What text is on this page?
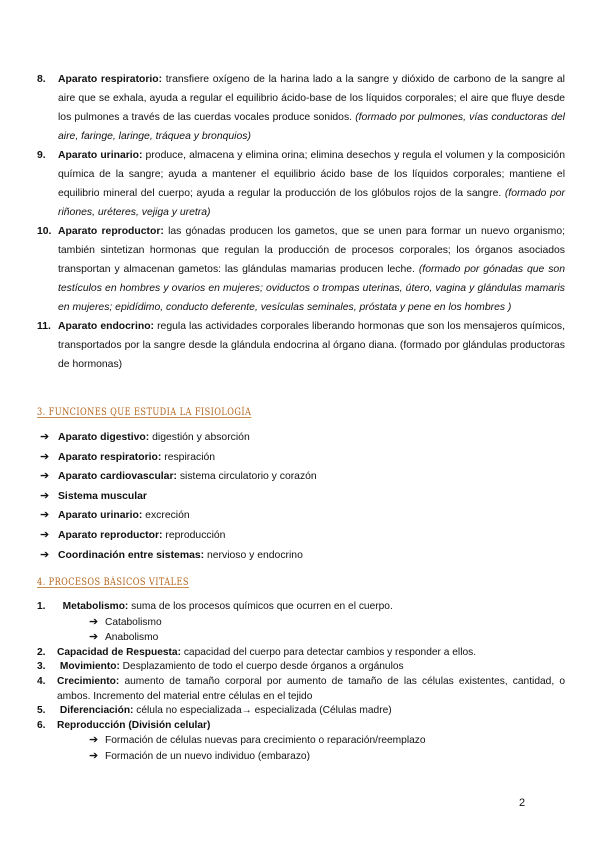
8. Aparato respiratorio: transfiere oxígeno de la harina lado a la sangre y dióxido de carbono de la sangre al aire que se exhala, ayuda a regular el equilibrio ácido-base de los líquidos corporales; el aire que fluye desde los pulmones a través de las cuerdas vocales produce sonidos. (formado por pulmones, vías conductoras del aire, faringe, laringe, tráquea y bronquios)
9. Aparato urinario: produce, almacena y elimina orina; elimina desechos y regula el volumen y la composición química de la sangre; ayuda a mantener el equilibrio ácido base de los líquidos corporales; mantiene el equilibrio mineral del cuerpo; ayuda a regular la producción de los glóbulos rojos de la sangre. (formado por riñones, uréteres, vejiga y uretra)
10. Aparato reproductor: las gónadas producen los gametos, que se unen para formar un nuevo organismo; también sintetizan hormonas que regulan la producción de procesos corporales; los órganos asociados transportan y almacenan gametos: las glándulas mamarias producen leche. (formado por gónadas que son testículos en hombres y ovarios en mujeres; oviductos o trompas uterinas, útero, vagina y glándulas mamaris en mujeres; epidídimo, conducto deferente, vesículas seminales, próstata y pene en los hombres )
11. Aparato endocrino: regula las actividades corporales liberando hormonas que son los mensajeros químicos, transportados por la sangre desde la glándula endocrina al órgano diana. (formado por glándulas productoras de hormonas)
3. FUNCIONES QUE ESTUDIA LA FISIOLOGÍA
➔ Aparato digestivo: digestión y absorción
➔ Aparato respiratorio: respiración
➔ Aparato cardiovascular: sistema circulatorio y corazón
➔ Sistema muscular
➔ Aparato urinario: excreción
➔ Aparato reproductor: reproducción
➔ Coordinación entre sistemas: nervioso y endocrino
4. PROCESOS BÁSICOS VITALES
1. Metabolismo: suma de los procesos químicos que ocurren en el cuerpo.
➔ Catabolismo
➔ Anabolismo
2. Capacidad de Respuesta: capacidad del cuerpo para detectar cambios y responder a ellos.
3. Movimiento: Desplazamiento de todo el cuerpo desde órganos a orgánulos
4. Crecimiento: aumento de tamaño corporal por aumento de tamaño de las células existentes, cantidad, o ambos. Incremento del material entre células en el tejido
5. Diferenciación: célula no especializada→ especializada (Células madre)
6. Reproducción (División celular)
➔ Formación de células nuevas para crecimiento o reparación/reemplazo
➔ Formación de un nuevo individuo (embarazo)
2
